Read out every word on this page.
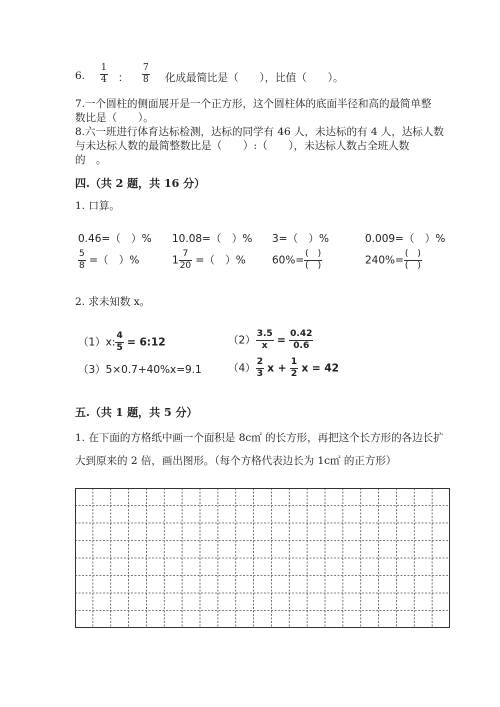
6. $\frac{1}{4}$ ： $\frac{7}{8}$ 化成最简比是（　　），比值（　　）。
7.一个圆柱的侧面展开是一个正方形，这个圆柱体的底面半径和高的最简单整
数比是（　　）。
8.六一班进行体育达标检测，达标的同学有 46 人，未达标的有 4 人，达标人数
与未达标人数的最简整数比是（　　）:（　　），未达标人数占全班人数
的　。
四.（共 2 题，共 16 分）
1. 口算。
0.46=（　）% 10.08=（　）% 3=（　）%	0.009=（　）%
$\frac{5}{8}$ =（　）%	$1 \frac{7}{20}$ =（　）% $60\%= \frac{( )}{( )}$	$240\%= \frac{( )}{( )}$
2. 求未知数 x。
（1）x: $\frac{4}{5}$ = 6:12	$(2) \frac{3.5}{x} = \frac{0.42}{0.6}$
（3）5×0.7+40%x=9.1	$(4) \frac{2}{3}$ $x + \frac{1}{2}$ x = 42
五.（共 1 题，共 5 分）
1. 在下面的方格纸中画一个面积是 8c㎡ 的长方形，再把这个长方形的各边长扩
大到原来的 2 倍，画出图形。（每个方格代表边长为 1c㎡ 的正方形）
